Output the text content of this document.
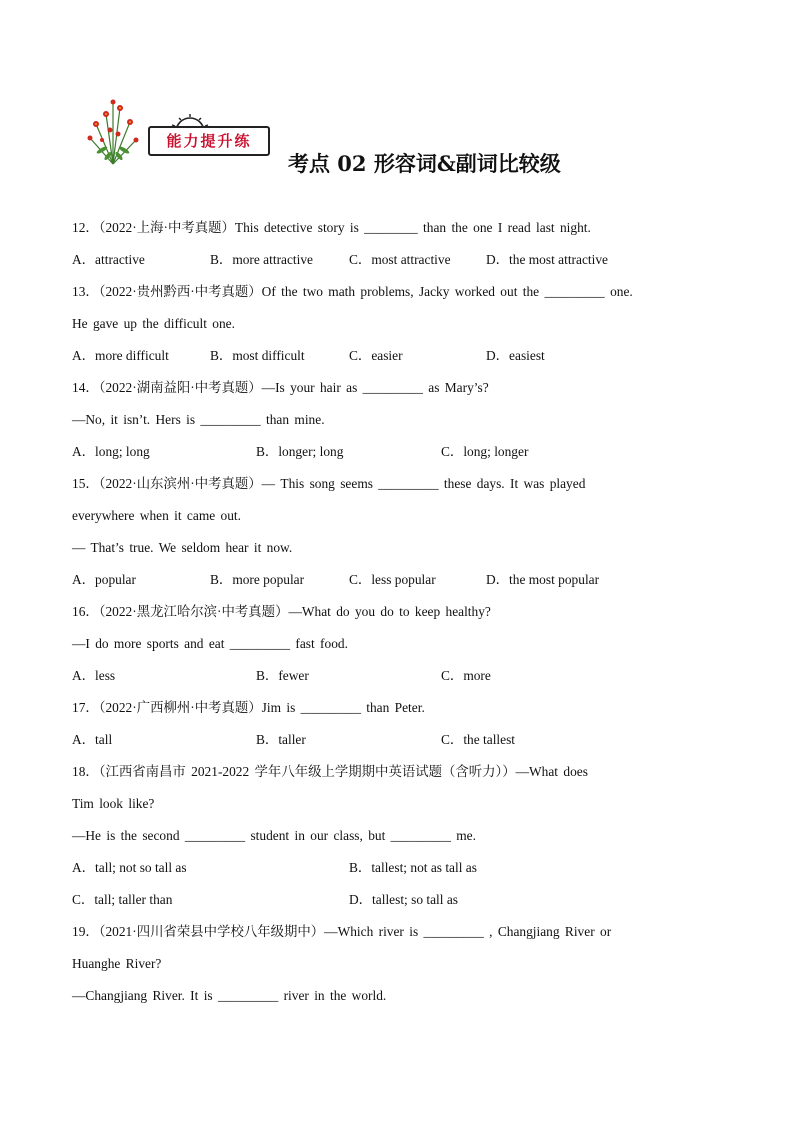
能力提升练
考点 02 形容词&副词比较级
12．（2022·上海·中考真题）This detective story is ________ than the one I read last night.
A．attractive	B．more attractive	C．most attractive	D．the most attractive
13．（2022·贵州黔西·中考真题）Of the two math problems, Jacky worked out the _________ one.
He gave up the difficult one.
A．more difficult	B．most difficult	C．easier	D．easiest
14．（2022·湖南益阳·中考真题）—Is your hair as _________ as Mary’s?
—No, it isn’t. Hers is _________ than mine.
A．long; long	B．longer; long	C．long; longer
15．（2022·山东滨州·中考真题）— This song seems _________ these days. It was played
everywhere when it came out.
— That’s true. We seldom hear it now.
A．popular	B．more popular	C．less popular	D．the most popular
16．（2022·黑龙江哈尔滨·中考真题）—What do you do to keep healthy?
—I do more sports and eat _________ fast food.
A．less	B．fewer	C．more
17．（2022·广西柳州·中考真题）Jim is _________ than Peter.
A．tall	B．taller	C．the tallest
18．（江西省南昌市 2021-2022 学年八年级上学期期中英语试题（含听力））—What does
Tim look like?
—He is the second _________ student in our class, but _________ me.
A．tall; not so tall as	B．tallest; not as tall as
C．tall; taller than	D．tallest; so tall as
19．（2021·四川省荣县中学校八年级期中）—Which river is _________ , Changjiang River or
Huanghe River?
—Changjiang River. It is _________ river in the world.
